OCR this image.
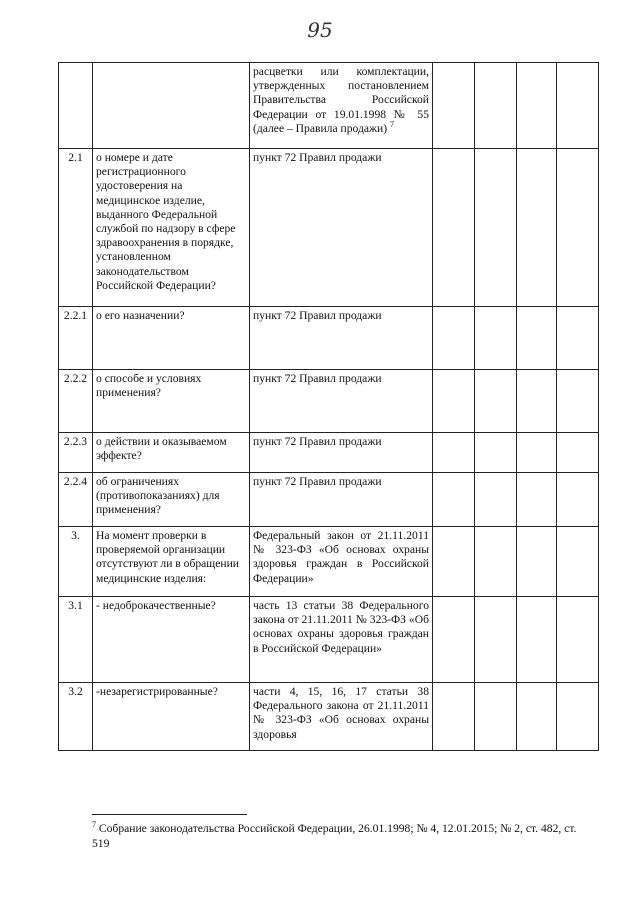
95
		расцветки или комплектации, утвержденных постановлением Правительства Российской Федерации от 19.01.1998 № 55 (далее – Правила продажи) $^7$				
2.1	о номере и дате регистрационного удостоверения на медицинское изделие, выданного Федеральной службой по надзору в сфере здравоохранения в порядке, установленном законодательством Российской Федерации?	пункт 72 Правил продажи				
2.2.1	о его назначении?	пункт 72 Правил продажи				
2.2.2	о способе и условиях применения?	пункт 72 Правил продажи				
2.2.3	о действии и оказываемом эффекте?	пункт 72 Правил продажи				
2.2.4	об ограничениях (противопоказаниях) для применения?	пункт 72 Правил продажи				
3.	На момент проверки в проверяемой организации отсутствуют ли в обращении медицинские изделия:	Федеральный закон от 21.11.2011 № 323-ФЗ «Об основах охраны здоровья граждан в Российской Федерации»				
3.1	- недоброкачественные?	часть 13 статьи 38 Федерального закона от 21.11.2011 № 323-ФЗ «Об основах охраны здоровья граждан в Российской Федерации»				
3.2	-незарегистрированные?	части 4, 15, 16, 17 статьи 38 Федерального закона от 21.11.2011 № 323-ФЗ «Об основах охраны здоровья				
$^7$ Собрание законодательства Российской Федерации, 26.01.1998; № 4, 12.01.2015; № 2, ст. 482, ст. 519
